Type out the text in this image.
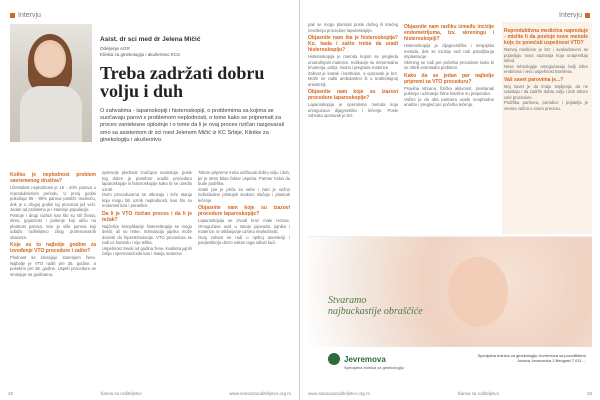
Intervju
Asist. dr sci med dr Jelena Mičić
Odeljenje AGR
Klinika za ginekologiju i akušerstvo KCS
Treba zadržati dobru volju i duh
O zahvatima - laparoskopiji i histeroskopiji, o problemima sa kojima se suočavaju parovi s problemom neplodnosti, o tome kako se pripremati za proces vantelesne oplodnje i o tome da li je ovaj proces rizičan razgovarali smo sa asistentom dr sci med Jelenom Mičić iz KC Srbije, Klinike za ginekologiju i akušerstvo.
Koliko je neplodnost problem savremenog društva?
Učestalost neplodnosti je 15 - 20% parova u reproduktivnom periodu. U prvoj godini pokušaja 85 - 90% parova postiže trudnoću, dok je u drugoj godini taj procenat još veći. Jedan od problema je i starenje populacije.
Postoje i drugi razlozi kao što su stil života, stres, gojaznost i pušenje koji utiču na plodnost parova. Sve je više parova koji odlažu roditeljstvo zbog profesionalnih obaveza.
Koje su to najbolje godine za izvođenje VTO procedure i zašto?
Plodnost se smanjuje starenjem žene. Najbolje je VTO raditi pre 35. godine, a posebno pre 38. godine. Uspeh procedure se smanjuje sa godinama.
operacije plodnost značajno nedostaje, posle tog dobro je potrebno uraditi proceduru laparoskopije ili histeroskopije kako bi se utvrdio uzrok.
Ovim procedurama se otkrivaju i leče stanja koja mogu biti uzrok neplodnosti, kao što su endometrioza i priraslice.
Da li je VTO rizičan proces i da li je težak?
Najčešće komplikacije histeroskopije se mogu desiti, ali su retke. Stimulacija jajnika može dovesti do hiperstimulacije. VTO procedura se radi uz kontrolu i nije teška.
Uspešnost zavisi od godina žene, kvaliteta jajnih ćelija i spermatozoida kao i stanja materice.
Tokom pripreme treba održavati dobru volju i duh, jer je stres bitan faktor uspeha. Partner treba da bude podrška.
Svaki par je priča za sebe i zato je važno individualno pristupiti svakom slučaju i planirati lečenje.
Objasnite nam koje su izazovi procedure laparoskopije?
Laparoskopija se izvodi kroz male rezove. Omogućava uvid u stanje jajovoda, jajnika i materice, te otklanjanje uzroka neplodnosti.
Ovaj zahvat se radi u opštoj anesteziji i pacijentkinja ubrzo nakon toga odlazi kući.
32	Šansa za roditeljstvo	www.sansazaroditeljstvo.org.rs
Intervju
pak se mogu planirati posle dužeg ili kraćeg izvođenja procedure laparoskopije.
Objasnite nam šta je histeroskopija? Ko, kada i zašto treba da uradi histeroskopiju?
Histeroskopija je metoda kojom se pregleda unutrašnjost materice. Indikacije su nenormalna krvarenja, polipi, miomi i pregrade materice.
Zahvat je kratak i bezbolan, a oporavak je brz. Može se raditi ambulantno ili u kratkotrajnoj anesteziji.
Objasnite nam koje su izazovi procedure laparoskopije?
Laparoskopija je operativna metoda koja omogućava dijagnostiku i lečenje. Posle zahvata oporavak je brz.
Objasnite nam razliku između incizije endometrijuma, tzv. skreningu i histeroskopiji?
Histeroskopija je dijagnostička i terapijska metoda, dok se incizija radi radi poboljšanja implantacije.
Skrining se radi pre početka procedure kako bi se otkrili eventualni problemi.
Kako da se jedan par najbolje pripremi za VTO proceduru?
Pravilna ishrana, fizička aktivnost, prestanak pušenja i uzimanje folne kiseline su preporuka.
Važno je da oba partnera urade neophodne analize i pregled pre početka lečenja.
Reproduktivna medicina napreduje - mislite li da postoje nove metode koje će povećati uspešnost VTO?
Razvoj medicine je brz i svakodnevno se pojavljuju nova saznanja koja unapređuju ishod.
Nove tehnologije omogućavaju bolji izbor embriona i veću uspešnost transfera.
Vaš savet parovima je...?
Moj savet je da imaju strpljenja, da ne odustaju i da zadrže dobru volju i duh tokom cele procedure.
Podrška partnera, porodice i prijatelja je veoma važna u ovom procesu.
Stvaramo
najbuckastije obraščiće
Jevremova
Specijalna bolnica za ginekologiju
Specijalna bolnica za ginekologiju Jevremova sa porodilištem
Jovana Jovanovića 1 Beograd T 011 ...
www.sansazaroditeljstvo.org.rs	Šansa za roditeljstvo	33
